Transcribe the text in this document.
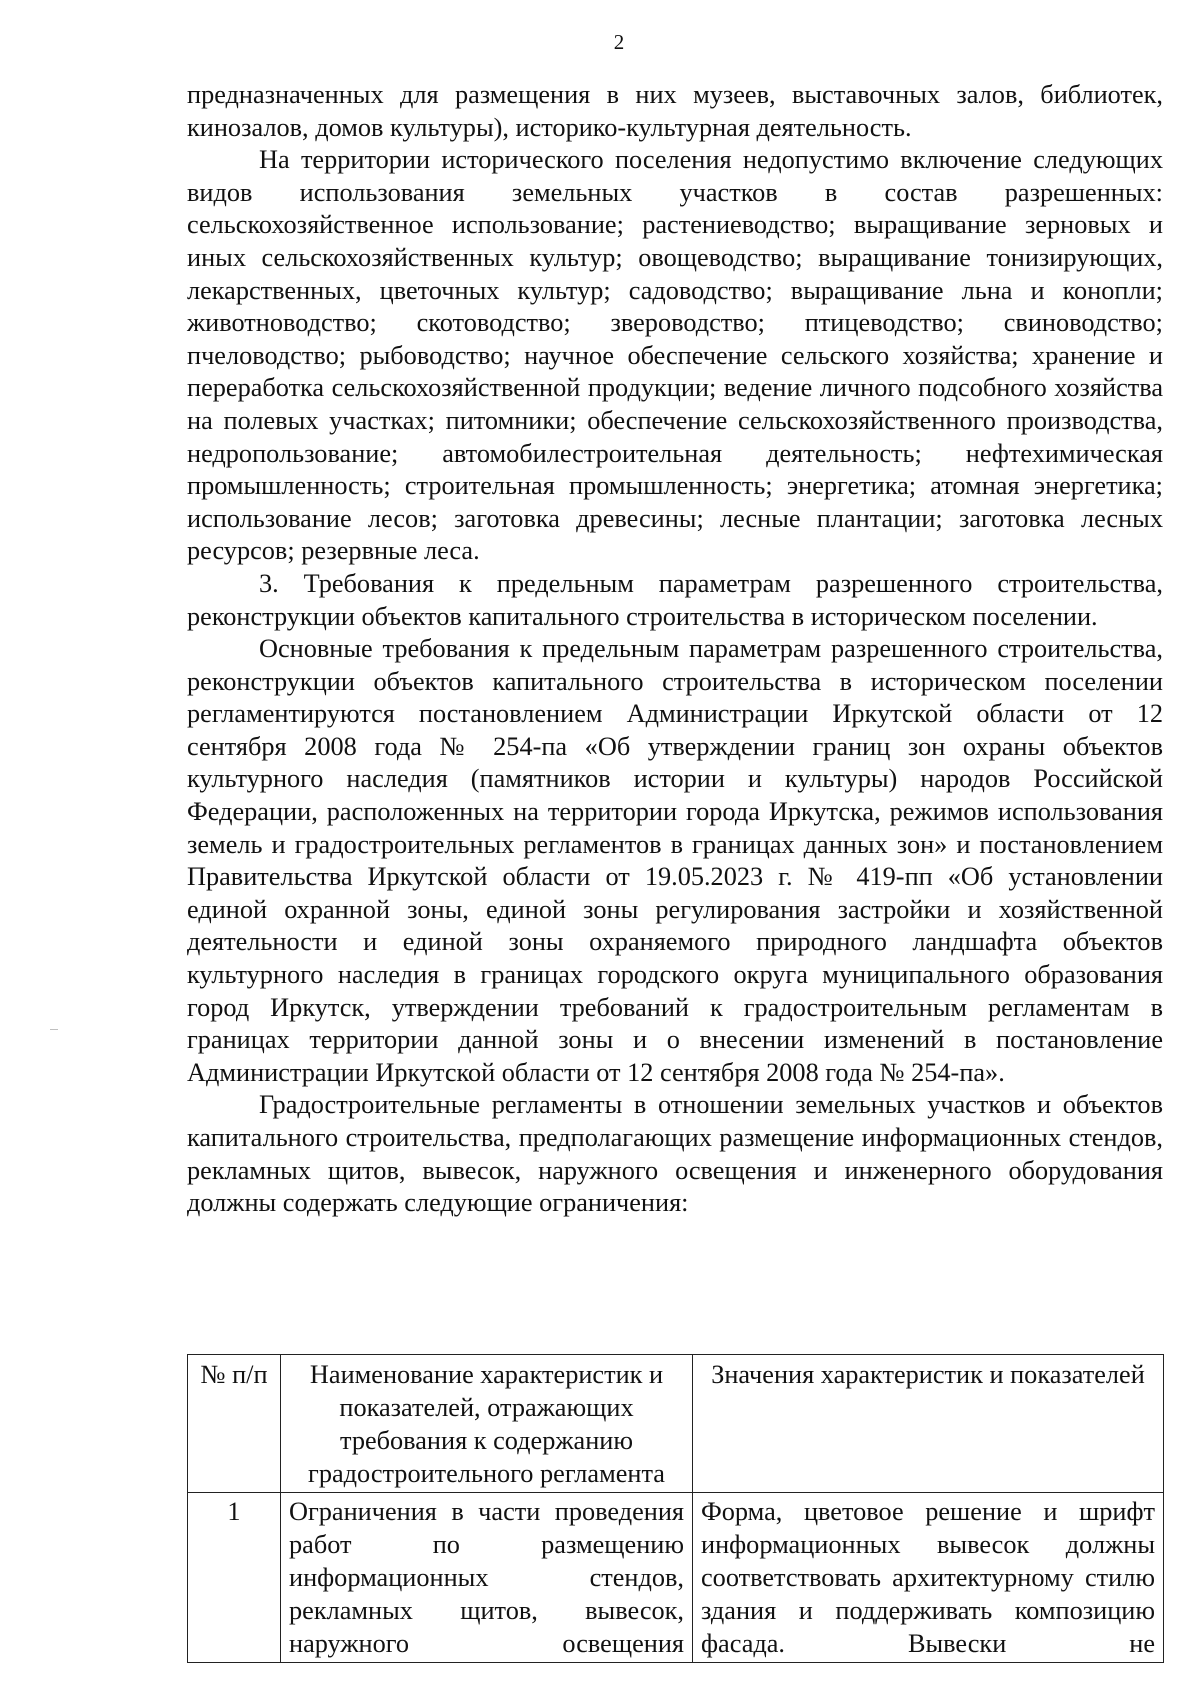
2

предназначенных для размещения в них музеев, выставочных залов, библиотек, кинозалов, домов культуры), историко-культурная деятельность.

На территории исторического поселения недопустимо включение следующих видов использования земельных участков в состав разрешенных: сельскохозяйственное использование; растениеводство; выращивание зерновых и иных сельскохозяйственных культур; овощеводство; выращивание тонизирующих, лекарственных, цветочных культур; садоводство; выращивание льна и конопли; животноводство; скотоводство; звероводство; птицеводство; свиноводство; пчеловодство; рыбоводство; научное обеспечение сельского хозяйства; хранение и переработка сельскохозяйственной продукции; ведение личного подсобного хозяйства на полевых участках; питомники; обеспечение сельскохозяйственного производства, недропользование; автомобилестроительная деятельность; нефтехимическая промышленность; строительная промышленность; энергетика; атомная энергетика; использование лесов; заготовка древесины; лесные плантации; заготовка лесных ресурсов; резервные леса.

3. Требования к предельным параметрам разрешенного строительства, реконструкции объектов капитального строительства в историческом поселении.

Основные требования к предельным параметрам разрешенного строительства, реконструкции объектов капитального строительства в историческом поселении регламентируются постановлением Администрации Иркутской области от 12 сентября 2008 года № 254-па «Об утверждении границ зон охраны объектов культурного наследия (памятников истории и культуры) народов Российской Федерации, расположенных на территории города Иркутска, режимов использования земель и градостроительных регламентов в границах данных зон» и постановлением Правительства Иркутской области от 19.05.2023 г. № 419-пп «Об установлении единой охранной зоны, единой зоны регулирования застройки и хозяйственной деятельности и единой зоны охраняемого природного ландшафта объектов культурного наследия в границах городского округа муниципального образования город Иркутск, утверждении требований к градостроительным регламентам в границах территории данной зоны и о внесении изменений в постановление Администрации Иркутской области от 12 сентября 2008 года № 254-па».

Градостроительные регламенты в отношении земельных участков и объектов капитального строительства, предполагающих размещение информационных стендов, рекламных щитов, вывесок, наружного освещения и инженерного оборудования должны содержать следующие ограничения:

№ п/п	Наименование характеристик и показателей, отражающих требования к содержанию градостроительного регламента	Значения характеристик и показателей
1	Ограничения в части проведения работ по размещению информационных стендов, рекламных щитов, вывесок, наружного освещения	Форма, цветовое решение и шрифт информационных вывесок должны соответствовать архитектурному стилю здания и поддерживать композицию фасада. Вывески не
